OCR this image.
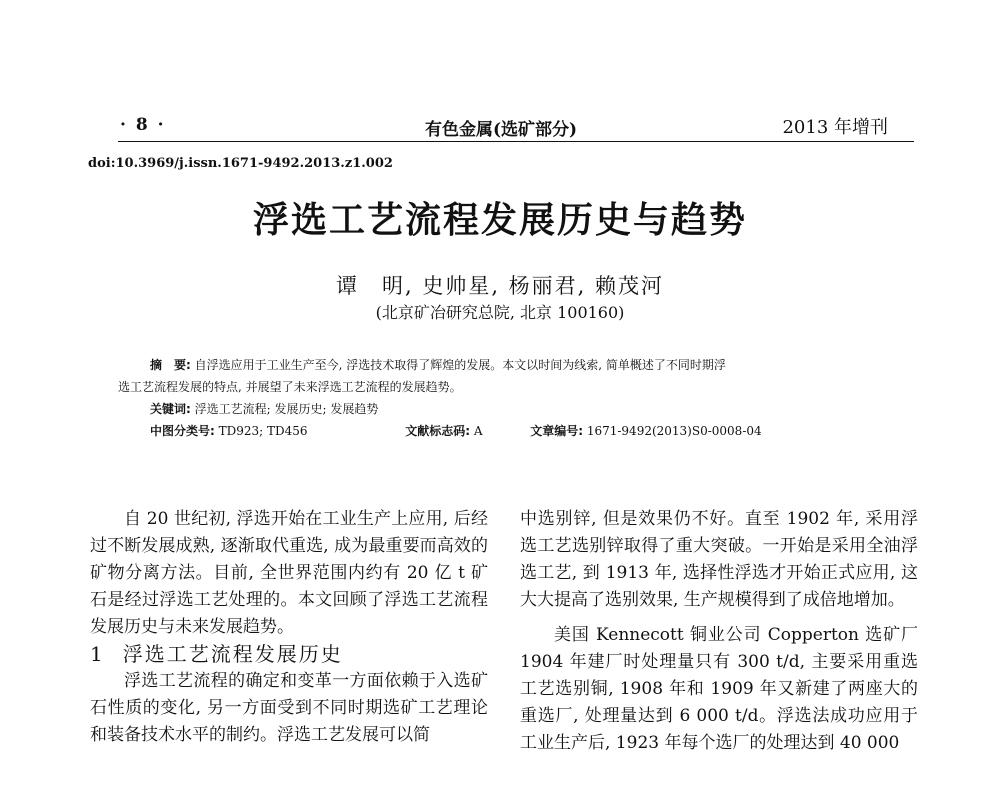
· 8 ·	有色金属(选矿部分)	2013 年增刊
doi:10.3969/j.issn.1671-9492.2013.z1.002
浮选工艺流程发展历史与趋势
谭　明, 史帅星, 杨丽君, 赖茂河
(北京矿冶研究总院, 北京 100160)
摘　要: 自浮选应用于工业生产至今, 浮选技术取得了辉煌的发展。本文以时间为线索, 简单概述了不同时期浮
选工艺流程发展的特点, 并展望了未来浮选工艺流程的发展趋势。
关键词: 浮选工艺流程; 发展历史; 发展趋势
中图分类号: TD923; TD456	文献标志码: A	文章编号: 1671-9492(2013)S0-0008-04

自 20 世纪初, 浮选开始在工业生产上应用, 后经过不断发展成熟, 逐渐取代重选, 成为最重要而高效的矿物分离方法。目前, 全世界范围内约有 20 亿 t 矿石是经过浮选工艺处理的。本文回顾了浮选工艺流程发展历史与未来发展趋势。

1 浮选工艺流程发展历史

浮选工艺流程的确定和变革一方面依赖于入选矿石性质的变化, 另一方面受到不同时期选矿工艺理论和装备技术水平的制约。浮选工艺发展可以简

中选别锌, 但是效果仍不好。直至 1902 年, 采用浮选工艺选别锌取得了重大突破。一开始是采用全油浮选工艺, 到 1913 年, 选择性浮选才开始正式应用, 这大大提高了选别效果, 生产规模得到了成倍地增加。

美国 Kennecott 铜业公司 Copperton 选矿厂 1904 年建厂时处理量只有 300 t/d, 主要采用重选工艺选别铜, 1908 年和 1909 年又新建了两座大的重选厂, 处理量达到 6 000 t/d。浮选法成功应用于工业生产后, 1923 年每个选厂的处理达到 40 000
